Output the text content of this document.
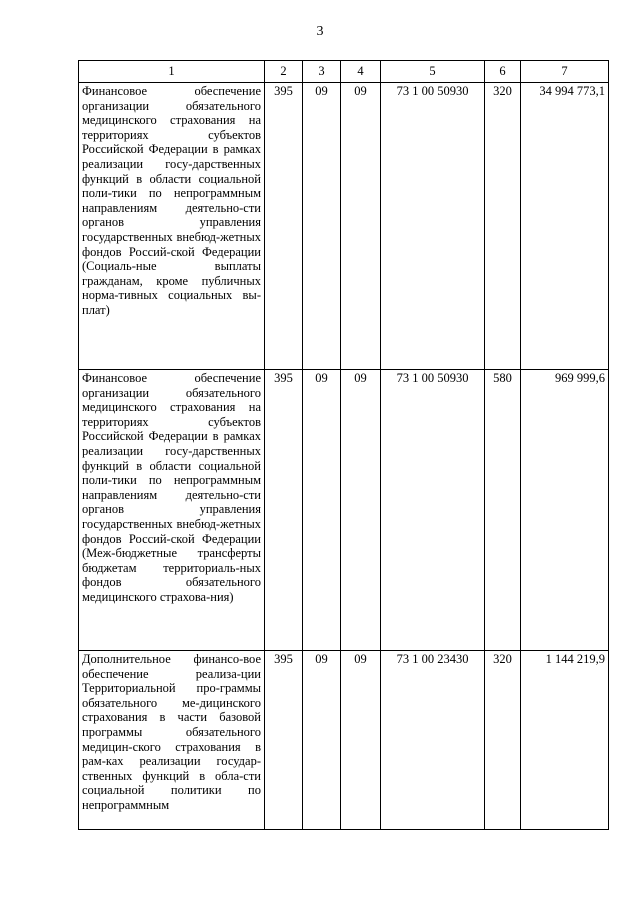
3
1	2	3	4	5	6	7
Финансовое обеспечение организации обязательного медицинского страхования на территориях субъектов Российской Федерации в рамках реализации госу-дарственных функций в области социальной поли-тики по непрограммным направлениям деятельно-сти органов управления государственных внебюд-жетных фондов Россий-ской Федерации (Социаль-ные выплаты гражданам, кроме публичных норма-тивных социальных вы-плат)	395	09	09	73 1 00 50930	320	34 994 773,1
Финансовое обеспечение организации обязательного медицинского страхования на территориях субъектов Российской Федерации в рамках реализации госу-дарственных функций в области социальной поли-тики по непрограммным направлениям деятельно-сти органов управления государственных внебюд-жетных фондов Россий-ской Федерации (Меж-бюджетные трансферты бюджетам территориаль-ных фондов обязательного медицинского страхова-ния)	395	09	09	73 1 00 50930	580	969 999,6
Дополнительное финансо-вое обеспечение реализа-ции Территориальной про-граммы обязательного ме-дицинского страхования в части базовой программы обязательного медицин-ского страхования в рам-ках реализации государ-ственных функций в обла-сти социальной политики по непрограммным	395	09	09	73 1 00 23430	320	1 144 219,9
